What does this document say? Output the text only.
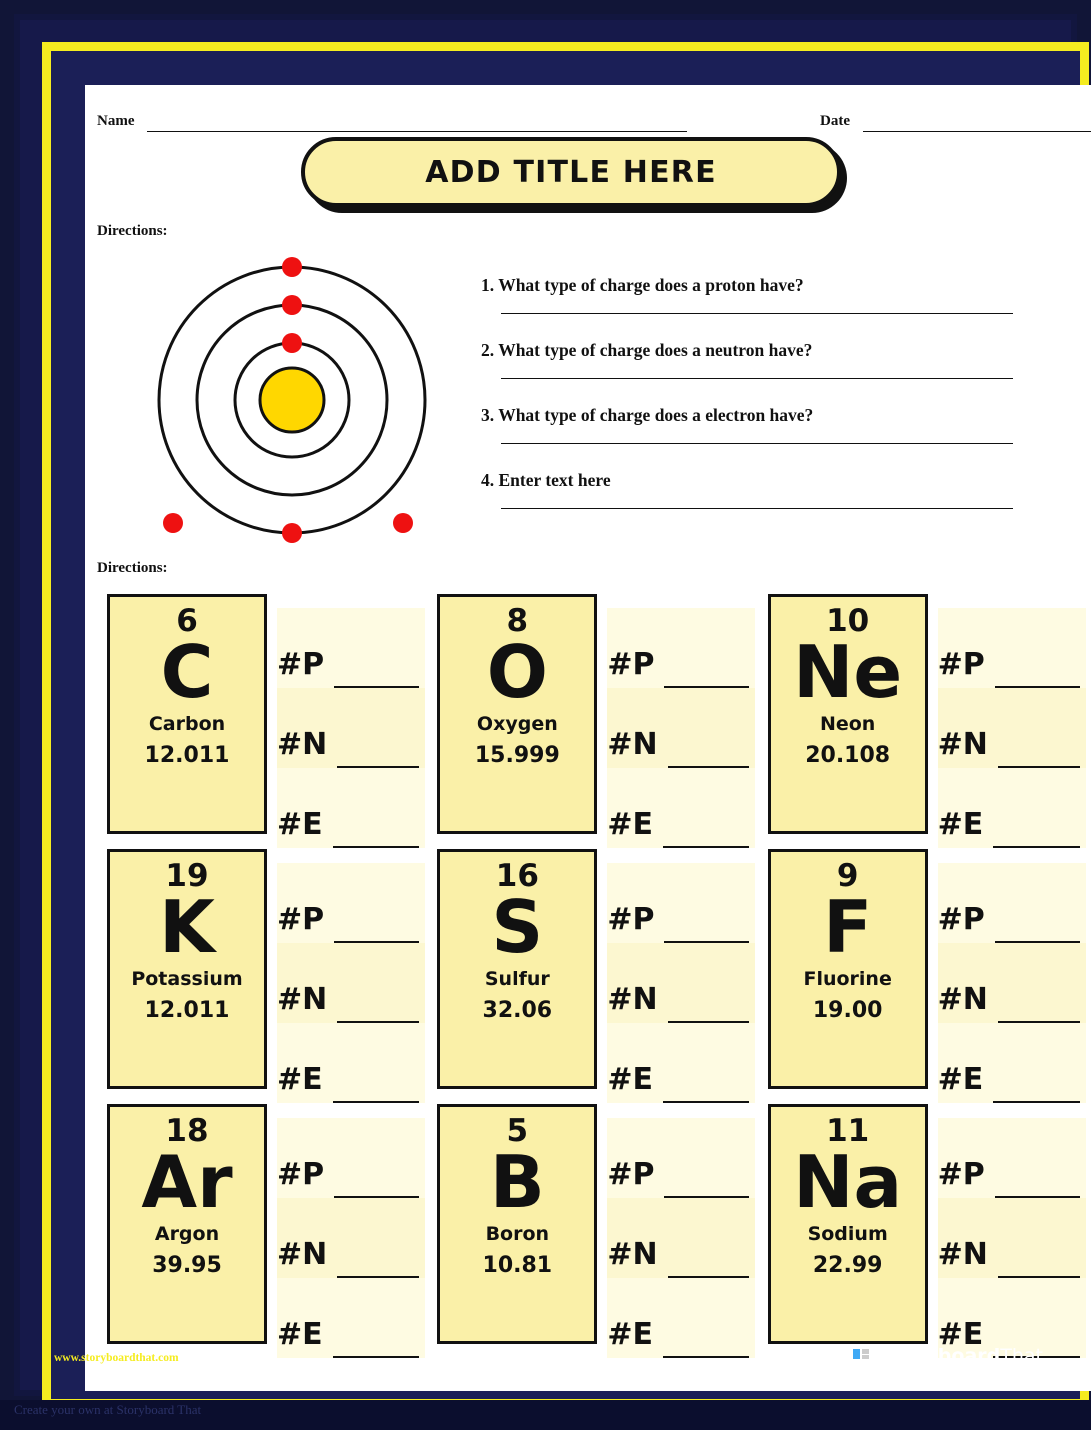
Name	Date
ADD TITLE HERE
Directions:
1. What type of charge does a proton have?
2. What type of charge does a neutron have?
3. What type of charge does a electron have?
4. Enter text here
Directions:
6
C
Carbon
12.011
#P
#N
#E
8
O
Oxygen
15.999
#P
#N
#E
10
Ne
Neon
20.108
#P
#N
#E
19
K
Potassium
12.011
#P
#N
#E
16
S
Sulfur
32.06
#P
#N
#E
9
F
Fluorine
19.00
#P
#N
#E
18
Ar
Argon
39.95
#P
#N
#E
5
B
Boron
10.81
#P
#N
#E
11
Na
Sodium
22.99
#P
#N
#E
www.storyboardthat.com	StoryboardThat
Create your own at Storyboard That
